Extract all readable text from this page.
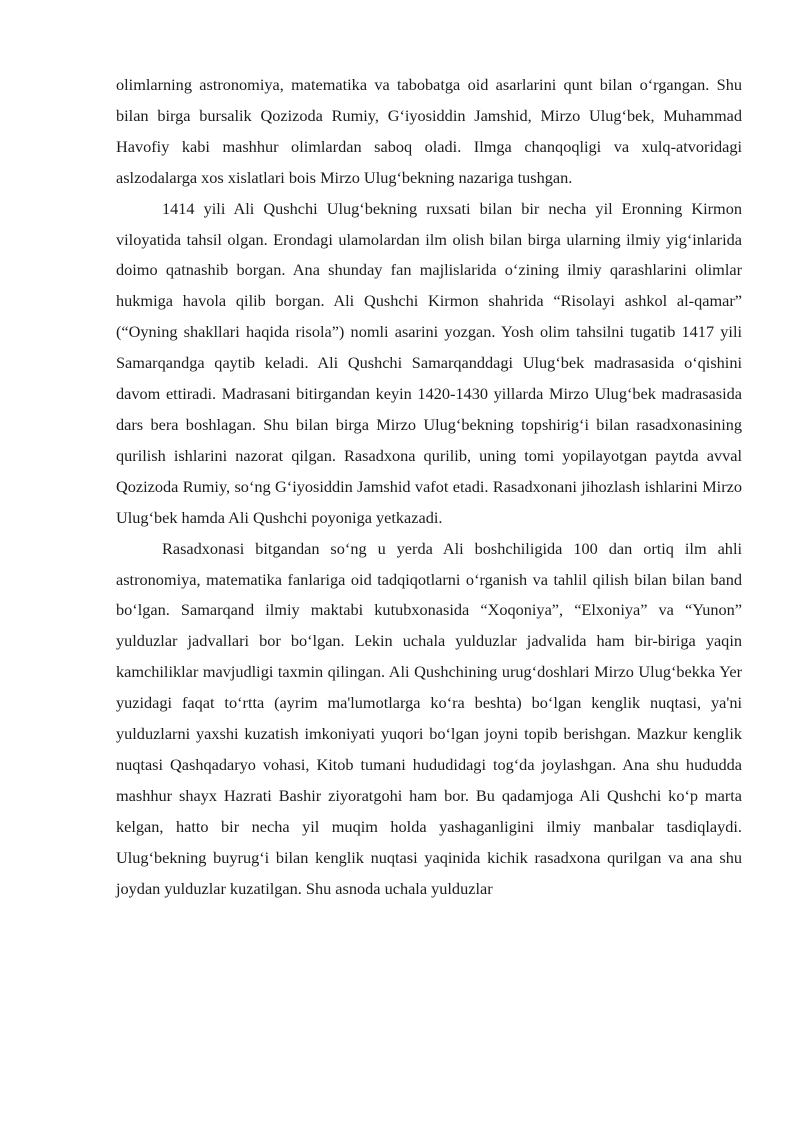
olimlarning astronomiya, matematika va tabobatga oid asarlarini qunt bilan o‘rgangan. Shu bilan birga bursalik Qozizoda Rumiy, G‘iyosiddin Jamshid, Mirzo Ulug‘bek, Muhammad Havofiy kabi mashhur olimlardan saboq oladi. Ilmga chanqoqligi va xulq-atvoridagi aslzodalarga xos xislatlari bois Mirzo Ulug‘bekning nazariga tushgan.

1414 yili Ali Qushchi Ulug‘bekning ruxsati bilan bir necha yil Eronning Kirmon viloyatida tahsil olgan. Erondagi ulamolardan ilm olish bilan birga ularning ilmiy yig‘inlarida doimo qatnashib borgan. Ana shunday fan majlislarida o‘zining ilmiy qarashlarini olimlar hukmiga havola qilib borgan. Ali Qushchi Kirmon shahrida “Risolayi ashkol al-qamar” (“Oyning shakllari haqida risola”) nomli asarini yozgan. Yosh olim tahsilni tugatib 1417 yili Samarqandga qaytib keladi. Ali Qushchi Samarqanddagi Ulug‘bek madrasasida o‘qishini davom ettiradi. Madrasani bitirgandan keyin 1420-1430 yillarda Mirzo Ulug‘bek madrasasida dars bera boshlagan. Shu bilan birga Mirzo Ulug‘bekning topshirig‘i bilan rasadxonasining qurilish ishlarini nazorat qilgan. Rasadxona qurilib, uning tomi yopilayotgan paytda avval Qozizoda Rumiy, so‘ng G‘iyosiddin Jamshid vafot etadi. Rasadxonani jihozlash ishlarini Mirzo Ulug‘bek hamda Ali Qushchi poyoniga yetkazadi.

Rasadxonasi bitgandan so‘ng u yerda Ali boshchiligida 100 dan ortiq ilm ahli astronomiya, matematika fanlariga oid tadqiqotlarni o‘rganish va tahlil qilish bilan bilan band bo‘lgan. Samarqand ilmiy maktabi kutubxonasida “Xoqoniya”, “Elxoniya” va “Yunon” yulduzlar jadvallari bor bo‘lgan. Lekin uchala yulduzlar jadvalida ham bir-biriga yaqin kamchiliklar mavjudligi taxmin qilingan. Ali Qushchining urug‘doshlari Mirzo Ulug‘bekka Yer yuzidagi faqat to‘rtta (ayrim ma'lumotlarga ko‘ra beshta) bo‘lgan kenglik nuqtasi, ya'ni yulduzlarni yaxshi kuzatish imkoniyati yuqori bo‘lgan joyni topib berishgan. Mazkur kenglik nuqtasi Qashqadaryo vohasi, Kitob tumani hududidagi tog‘da joylashgan. Ana shu hududda mashhur shayx Hazrati Bashir ziyoratgohi ham bor. Bu qadamjoga Ali Qushchi ko‘p marta kelgan, hatto bir necha yil muqim holda yashaganligini ilmiy manbalar tasdiqlaydi. Ulug‘bekning buyrug‘i bilan kenglik nuqtasi yaqinida kichik rasadxona qurilgan va ana shu joydan yulduzlar kuzatilgan. Shu asnoda uchala yulduzlar
